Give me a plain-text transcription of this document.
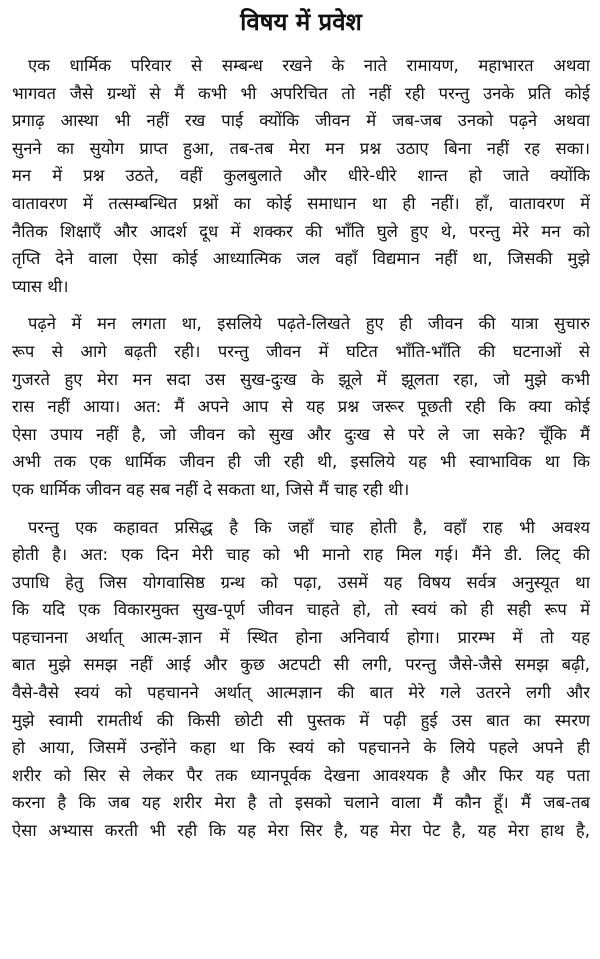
विषय में प्रवेश
एक धार्मिक परिवार से सम्बन्ध रखने के नाते रामायण, महाभारत अथवा
भागवत जैसे ग्रन्थों से मैं कभी भी अपरिचित तो नहीं रही परन्तु उनके प्रति कोई
प्रगाढ़ आस्था भी नहीं रख पाई क्योंकि जीवन में जब-जब उनको पढ़ने अथवा
सुनने का सुयोग प्राप्त हुआ, तब-तब मेरा मन प्रश्न उठाए बिना नहीं रह सका।
मन में प्रश्न उठते, वहीं कुलबुलाते और धीरे-धीरे शान्त हो जाते क्योंकि
वातावरण में तत्सम्बन्धित प्रश्नों का कोई समाधान था ही नहीं। हाँ, वातावरण में
नैतिक शिक्षाएँ और आदर्श दूध में शक्कर की भाँति घुले हुए थे, परन्तु मेरे मन को
तृप्ति देने वाला ऐसा कोई आध्यात्मिक जल वहाँ विद्यमान नहीं था, जिसकी मुझे
प्यास थी।
पढ़ने में मन लगता था, इसलिये पढ़ते-लिखते हुए ही जीवन की यात्रा सुचारु
रूप से आगे बढ़ती रही। परन्तु जीवन में घटित भाँति-भाँति की घटनाओं से
गुजरते हुए मेरा मन सदा उस सुख-दुःख के झूले में झूलता रहा, जो मुझे कभी
रास नहीं आया। अत: मैं अपने आप से यह प्रश्न जरूर पूछती रही कि क्या कोई
ऐसा उपाय नहीं है, जो जीवन को सुख और दुःख से परे ले जा सके? चूँकि मैं
अभी तक एक धार्मिक जीवन ही जी रही थी, इसलिये यह भी स्वाभाविक था कि
एक धार्मिक जीवन वह सब नहीं दे सकता था, जिसे मैं चाह रही थी।
परन्तु एक कहावत प्रसिद्ध है कि जहाँ चाह होती है, वहाँ राह भी अवश्य
होती है। अत: एक दिन मेरी चाह को भी मानो राह मिल गई। मैंने डी. लिट् की
उपाधि हेतु जिस योगवासिष्ठ ग्रन्थ को पढ़ा, उसमें यह विषय सर्वत्र अनुस्यूत था
कि यदि एक विकारमुक्त सुख-पूर्ण जीवन चाहते हो, तो स्वयं को ही सही रूप में
पहचानना अर्थात् आत्म-ज्ञान में स्थित होना अनिवार्य होगा। प्रारम्भ में तो यह
बात मुझे समझ नहीं आई और कुछ अटपटी सी लगी, परन्तु जैसे-जैसे समझ बढ़ी,
वैसे-वैसे स्वयं को पहचानने अर्थात् आत्मज्ञान की बात मेरे गले उतरने लगी और
मुझे स्वामी रामतीर्थ की किसी छोटी सी पुस्तक में पढ़ी हुई उस बात का स्मरण
हो आया, जिसमें उन्होंने कहा था कि स्वयं को पहचानने के लिये पहले अपने ही
शरीर को सिर से लेकर पैर तक ध्यानपूर्वक देखना आवश्यक है और फिर यह पता
करना है कि जब यह शरीर मेरा है तो इसको चलाने वाला मैं कौन हूँ। मैं जब-तब
ऐसा अभ्यास करती भी रही कि यह मेरा सिर है, यह मेरा पेट है, यह मेरा हाथ है,
